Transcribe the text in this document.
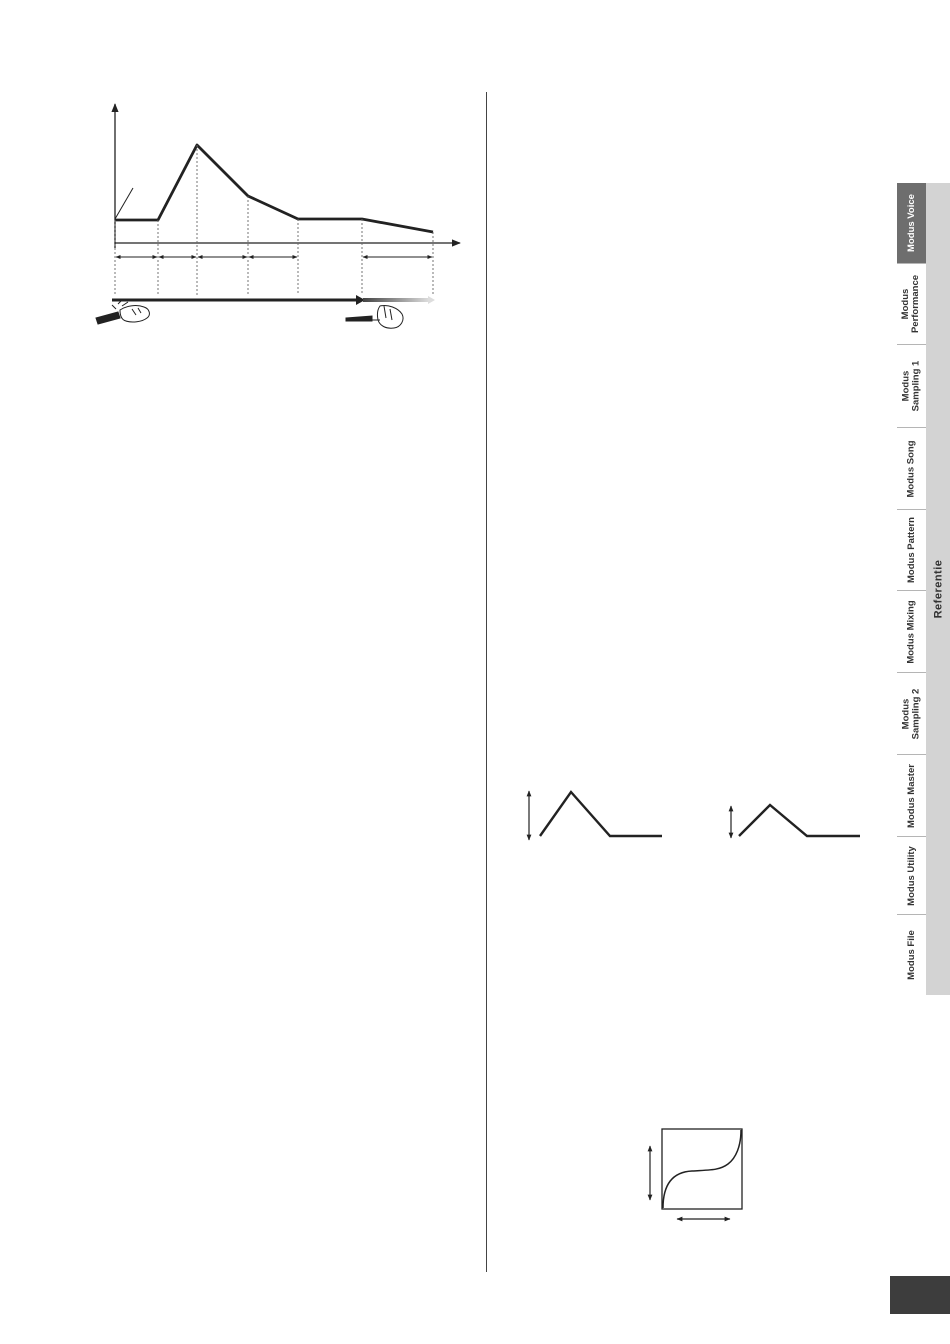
Modus Voice
Modus
Performance
Modus
Sampling 1
Modus Song
Modus Pattern
Modus Mixing
Modus
Sampling 2
Modus Master
Modus Utility
Modus File
Referentie
